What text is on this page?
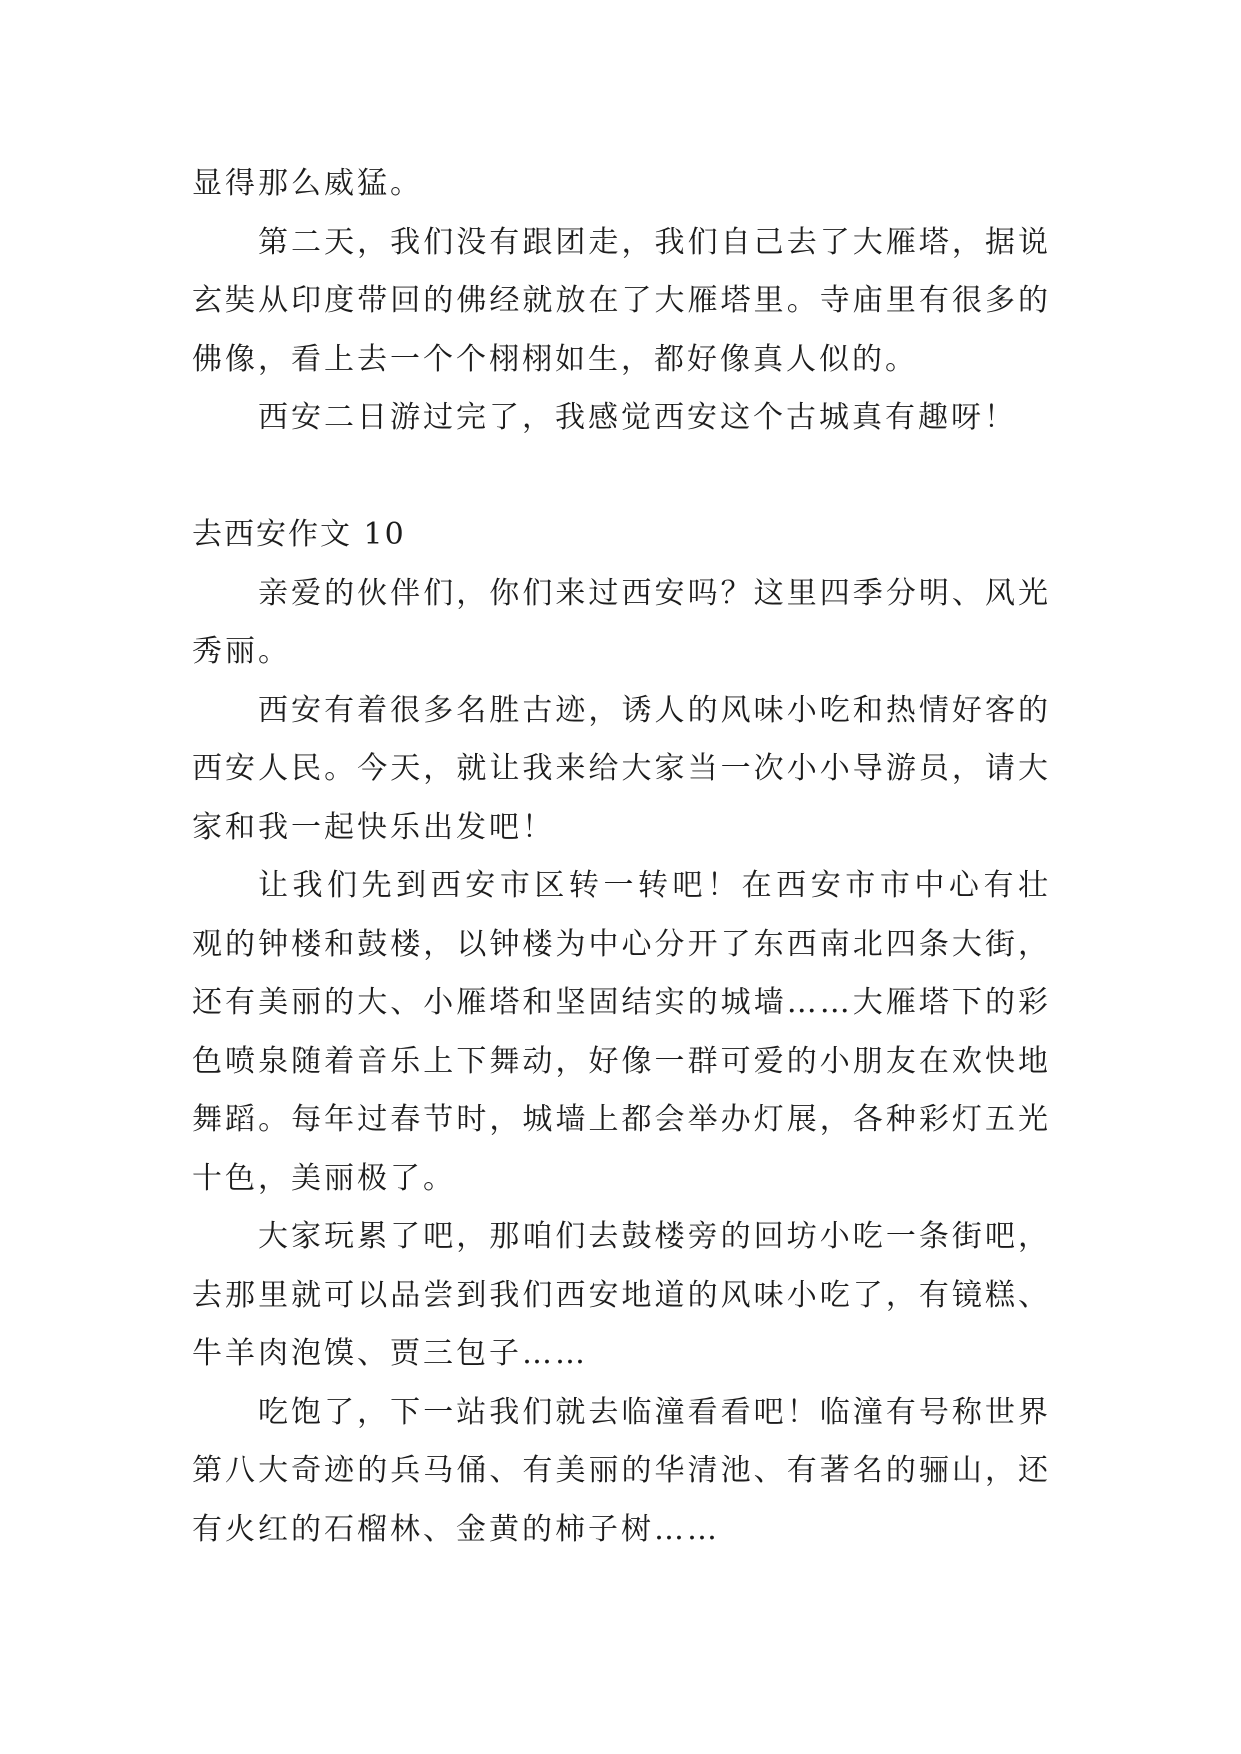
显得那么威猛。
第二天，我们没有跟团走，我们自己去了大雁塔，据说
玄奘从印度带回的佛经就放在了大雁塔里。寺庙里有很多的
佛像，看上去一个个栩栩如生，都好像真人似的。
西安二日游过完了，我感觉西安这个古城真有趣呀！
去西安作文 10
亲爱的伙伴们，你们来过西安吗？这里四季分明、风光
秀丽。
西安有着很多名胜古迹，诱人的风味小吃和热情好客的
西安人民。今天，就让我来给大家当一次小小导游员，请大
家和我一起快乐出发吧！
让我们先到西安市区转一转吧！在西安市市中心有壮
观的钟楼和鼓楼，以钟楼为中心分开了东西南北四条大街，
还有美丽的大、小雁塔和坚固结实的城墙……大雁塔下的彩
色喷泉随着音乐上下舞动，好像一群可爱的小朋友在欢快地
舞蹈。每年过春节时，城墙上都会举办灯展，各种彩灯五光
十色，美丽极了。
大家玩累了吧，那咱们去鼓楼旁的回坊小吃一条街吧，
去那里就可以品尝到我们西安地道的风味小吃了，有镜糕、
牛羊肉泡馍、贾三包子……
吃饱了，下一站我们就去临潼看看吧！临潼有号称世界
第八大奇迹的兵马俑、有美丽的华清池、有著名的骊山，还
有火红的石榴林、金黄的柿子树……
